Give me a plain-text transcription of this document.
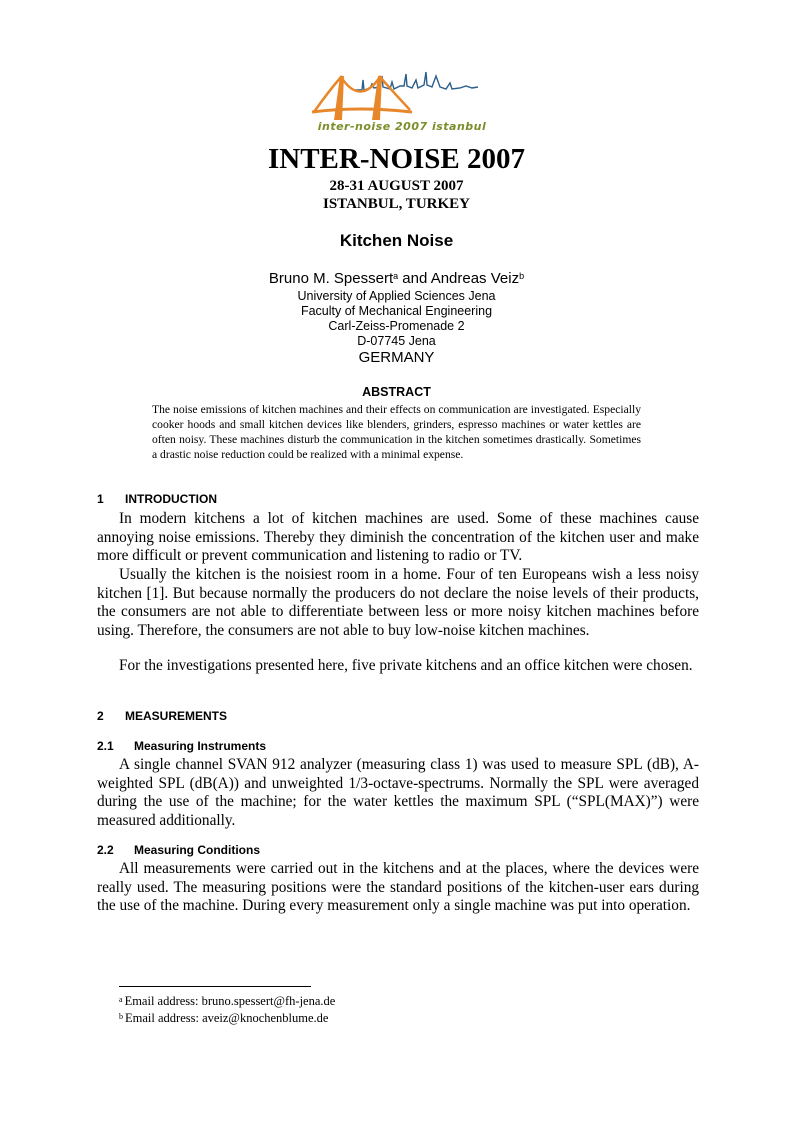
inter-noise 2007 istanbul
INTER-NOISE 2007
28-31 AUGUST 2007
ISTANBUL, TURKEY
Kitchen Noise
Bruno M. Spessert$^a$ and Andreas Veiz$^b$
University of Applied Sciences Jena
Faculty of Mechanical Engineering
Carl-Zeiss-Promenade 2
D-07745 Jena
GERMANY
ABSTRACT

The noise emissions of kitchen machines and their effects on communication are investigated. Especially cooker hoods and small kitchen devices like blenders, grinders, espresso machines or water kettles are often noisy. These machines disturb the communication in the kitchen sometimes drastically. Sometimes a drastic noise reduction could be realized with a minimal expense.

1 INTRODUCTION

In modern kitchens a lot of kitchen machines are used. Some of these machines cause annoying noise emissions. Thereby they diminish the concentration of the kitchen user and make more difficult or prevent communication and listening to radio or TV.

Usually the kitchen is the noisiest room in a home. Four of ten Europeans wish a less noisy kitchen [1]. But because normally the producers do not declare the noise levels of their products, the consumers are not able to differentiate between less or more noisy kitchen machines before using. Therefore, the consumers are not able to buy low-noise kitchen machines.

For the investigations presented here, five private kitchens and an office kitchen were chosen.

2 MEASUREMENTS
2.1 Measuring Instruments

A single channel SVAN 912 analyzer (measuring class 1) was used to measure SPL (dB), A-weighted SPL (dB(A)) and unweighted 1/3-octave-spectrums. Normally the SPL were averaged during the use of the machine; for the water kettles the maximum SPL (“SPL(MAX)”) were measured additionally.

2.2 Measuring Conditions

All measurements were carried out in the kitchens and at the places, where the devices were really used. The measuring positions were the standard positions of the kitchen-user ears during the use of the machine. During every measurement only a single machine was put into operation.

$^a$ Email address: bruno.spessert@fh-jena.de
$^b$ Email address: aveiz@knochenblume.de
